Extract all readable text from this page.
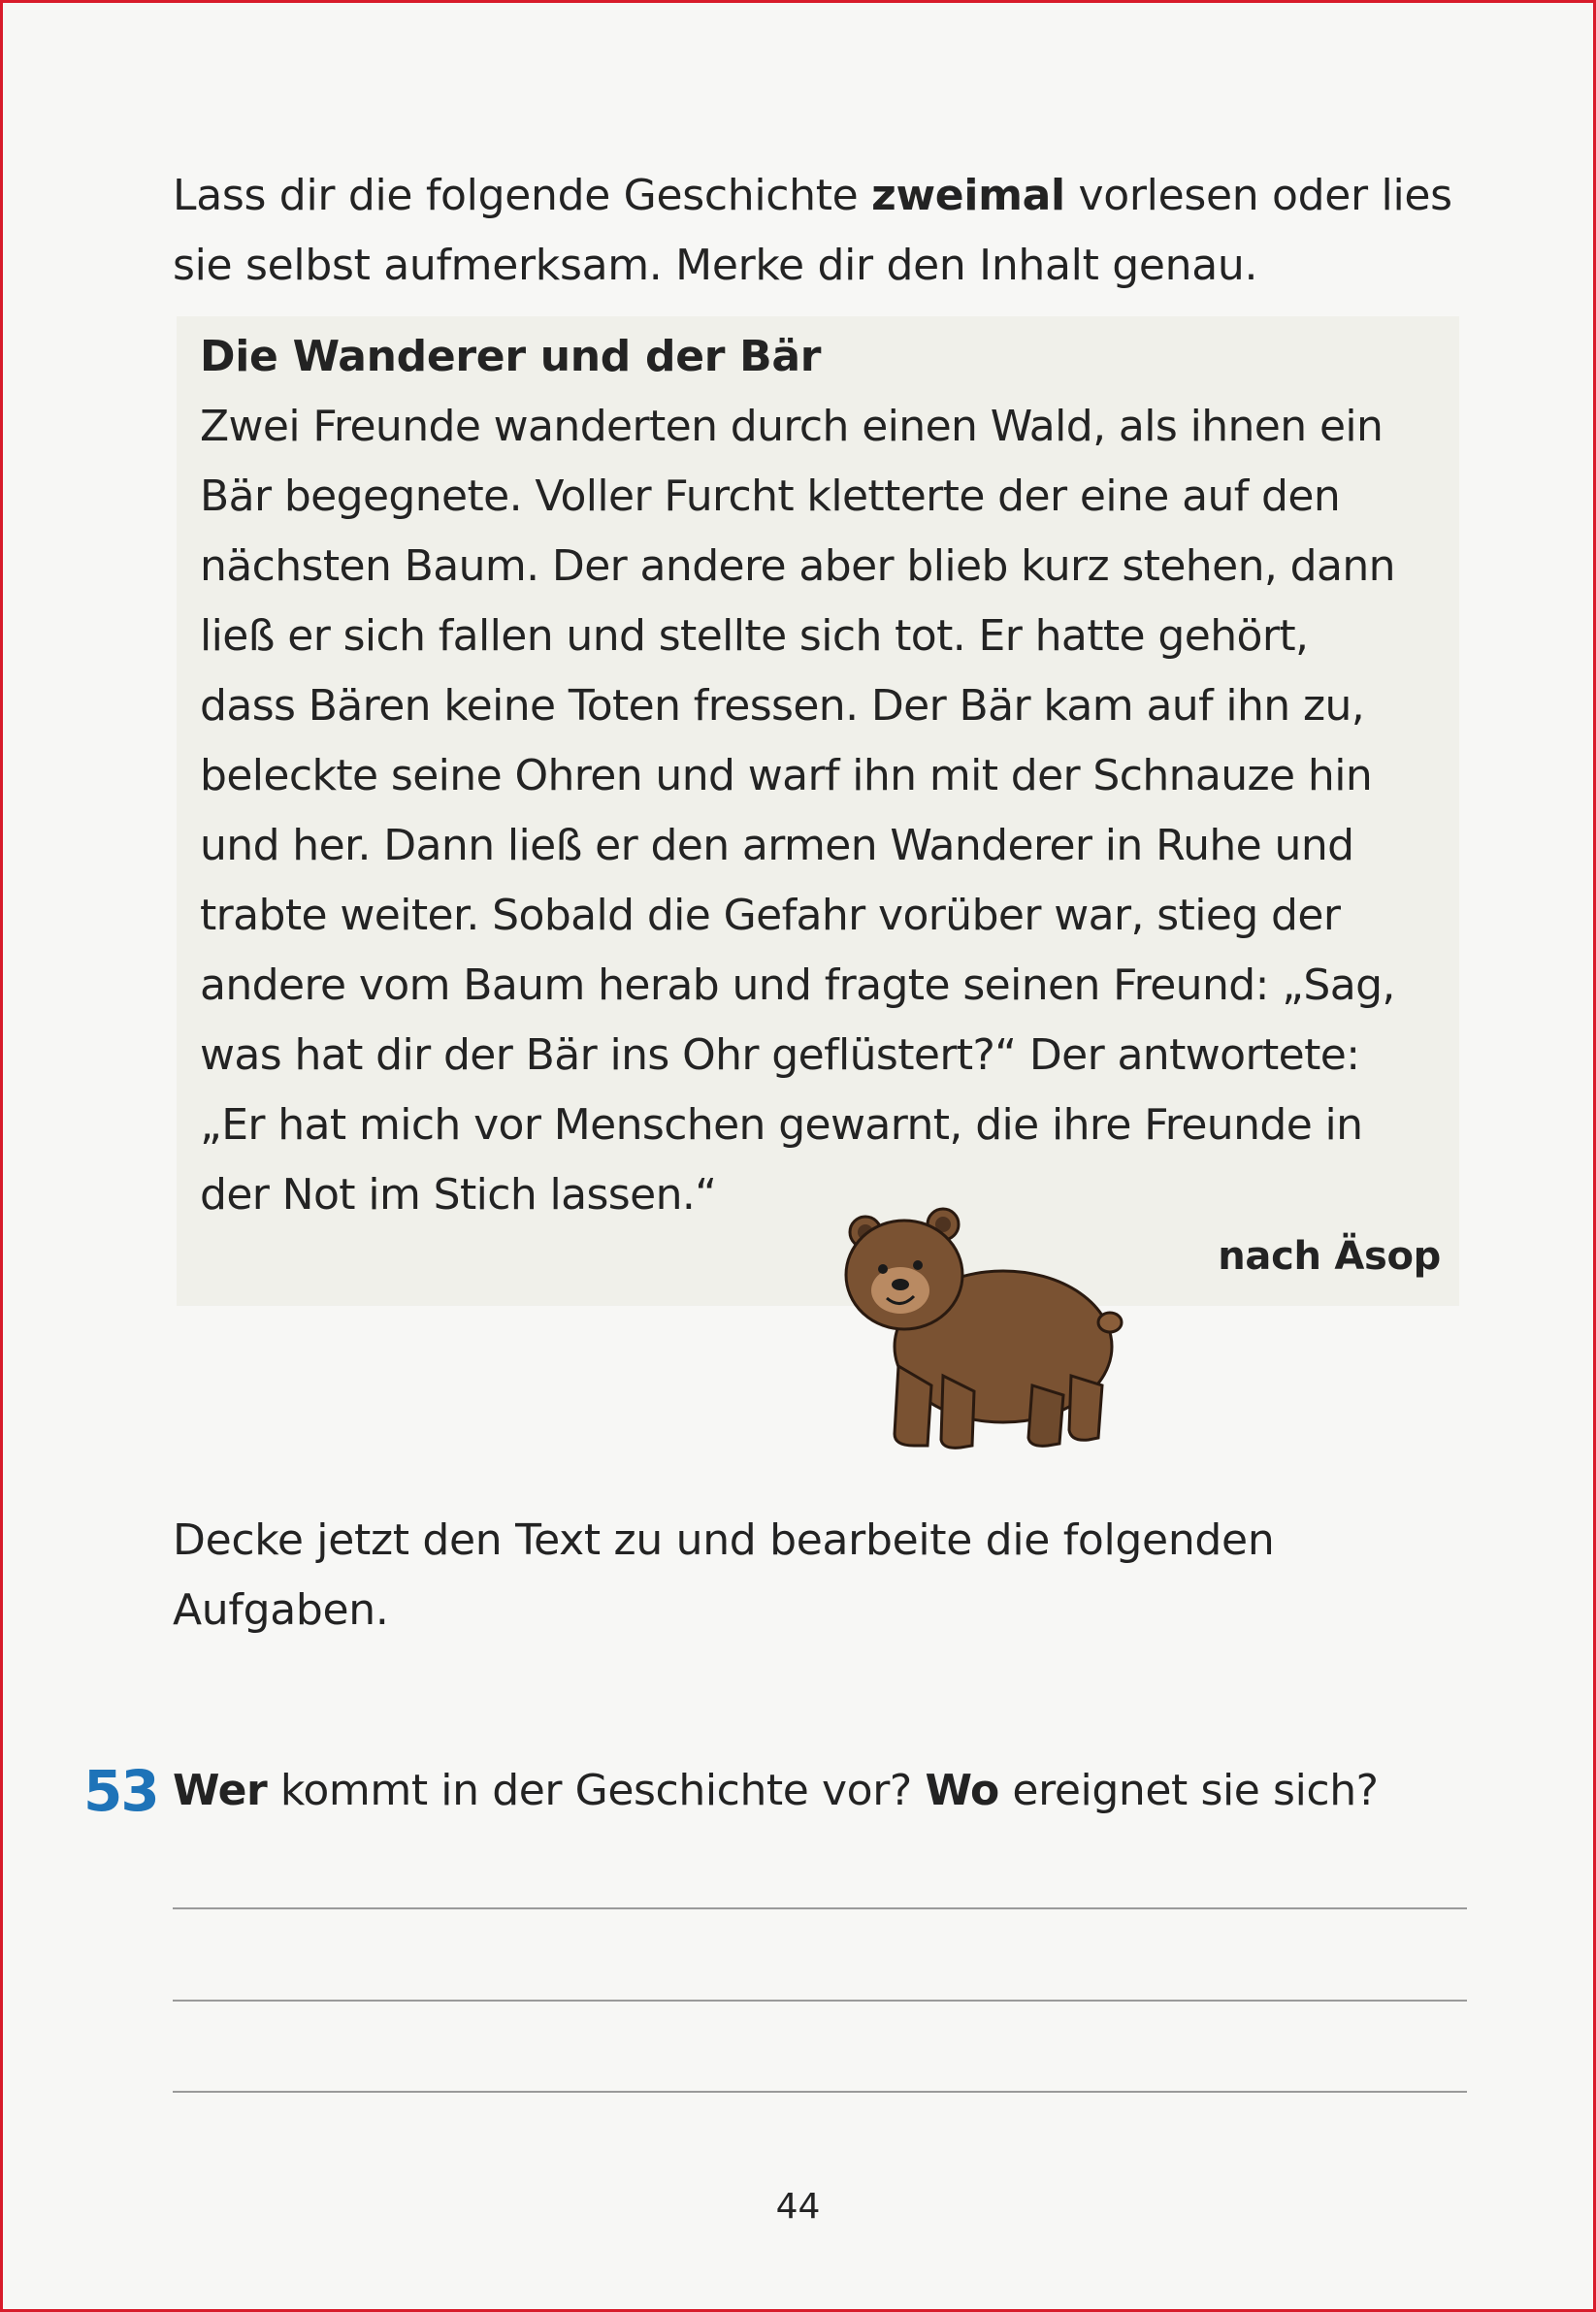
Lass dir die folgende Geschichte zweimal vorlesen oder lies sie selbst aufmerksam. Merke dir den Inhalt genau.

Die Wanderer und der Bär

Zwei Freunde wanderten durch einen Wald, als ihnen ein

Bär begegnete. Voller Furcht kletterte der eine auf den

nächsten Baum. Der andere aber blieb kurz stehen, dann

ließ er sich fallen und stellte sich tot. Er hatte gehört,

dass Bären keine Toten fressen. Der Bär kam auf ihn zu,

beleckte seine Ohren und warf ihn mit der Schnauze hin

und her. Dann ließ er den armen Wanderer in Ruhe und

trabte weiter. Sobald die Gefahr vorüber war, stieg der

andere vom Baum herab und fragte seinen Freund: „Sag,

was hat dir der Bär ins Ohr geflüstert?“ Der antwortete:

„Er hat mich vor Menschen gewarnt, die ihre Freunde in

der Not im Stich lassen.“

nach Äsop

Decke jetzt den Text zu und bearbeite die folgenden Aufgaben.

53 Wer kommt in der Geschichte vor? Wo ereignet sie sich?
44
